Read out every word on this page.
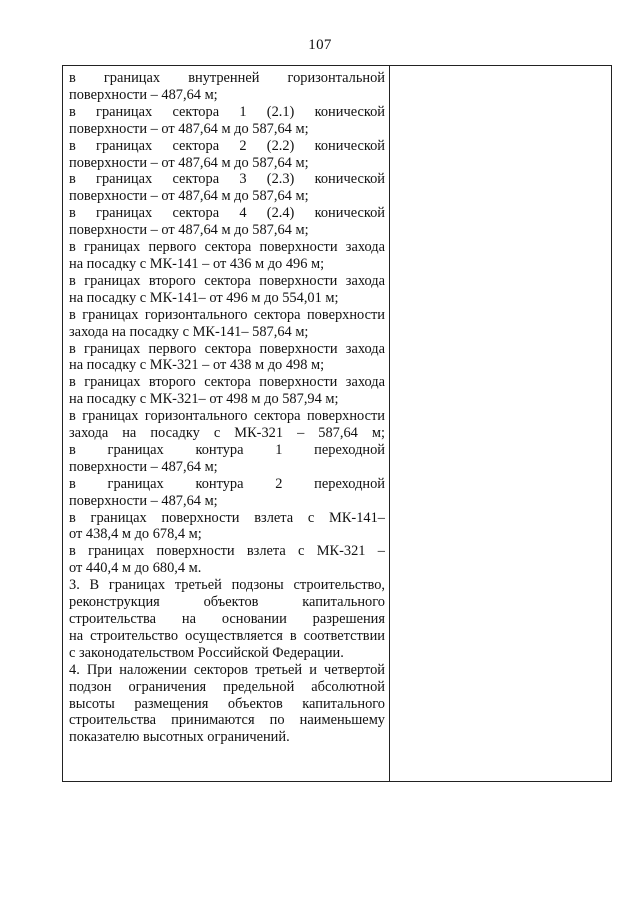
107

в границах внутренней горизонтальной

поверхности – 487,64 м;

в границах сектора 1 (2.1) конической

поверхности – от 487,64 м до 587,64 м;

в границах сектора 2 (2.2) конической

поверхности – от 487,64 м до 587,64 м;

в границах сектора 3 (2.3) конической

поверхности – от 487,64 м до 587,64 м;

в границах сектора 4 (2.4) конической

поверхности – от 487,64 м до 587,64 м;

в границах первого сектора поверхности захода

на посадку с МК-141 – от 436 м до 496 м;

в границах второго сектора поверхности захода

на посадку с МК-141– от 496 м до 554,01 м;

в границах горизонтального сектора поверхности

захода на посадку с МК-141– 587,64 м;

в границах первого сектора поверхности захода

на посадку с МК-321 – от 438 м до 498 м;

в границах второго сектора поверхности захода

на посадку с МК-321– от 498 м до 587,94 м;

в границах горизонтального сектора поверхности

захода на посадку с МК-321 – 587,64 м;

в границах контура 1 переходной

поверхности – 487,64 м;

в границах контура 2 переходной

поверхности – 487,64 м;

в границах поверхности взлета с МК-141–

от 438,4 м до 678,4 м;

в границах поверхности взлета с МК-321 –

от 440,4 м до 680,4 м.

3. В границах третьей подзоны строительство,

реконструкция объектов капитального

строительства на основании разрешения

на строительство осуществляется в соответствии

с законодательством Российской Федерации.

4. При наложении секторов третьей и четвертой

подзон ограничения предельной абсолютной

высоты размещения объектов капитального

строительства принимаются по наименьшему

показателю высотных ограничений.
